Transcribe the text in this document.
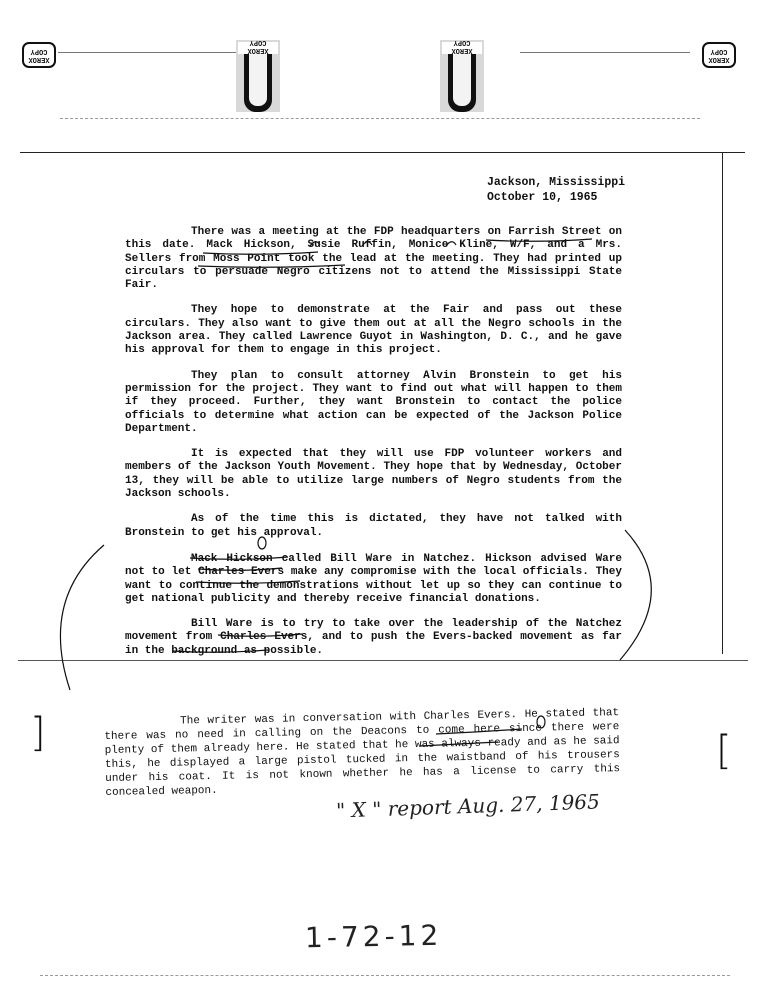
XEROX COPY
XEROX COPY
XEROX COPY
XEROX COPY
Jackson, Mississippi
October 10, 1965

There was a meeting at the FDP headquarters on Farrish Street on this date. Mack Hickson, Susie Ruffin, Monice Kline, W/F, and a Mrs. Sellers from Moss Point took the lead at the meeting. They had printed up circulars to persuade Negro citizens not to attend the Mississippi State Fair.

They hope to demonstrate at the Fair and pass out these circulars. They also want to give them out at all the Negro schools in the Jackson area. They called Lawrence Guyot in Washington, D. C., and he gave his approval for them to engage in this project.

They plan to consult attorney Alvin Bronstein to get his permission for the project. They want to find out what will happen to them if they proceed. Further, they want Bronstein to contact the police officials to determine what action can be expected of the Jackson Police Department.

It is expected that they will use FDP volunteer workers and members of the Jackson Youth Movement. They hope that by Wednesday, October 13, they will be able to utilize large numbers of Negro students from the Jackson schools.

As of the time this is dictated, they have not talked with Bronstein to get his approval.

Mack Hickson called Bill Ware in Natchez. Hickson advised Ware not to let Charles Evers make any compromise with the local officials. They want to continue the demonstrations without let up so they can continue to get national publicity and thereby receive financial donations.

Bill Ware is to try to take over the leadership of the Natchez movement from Charles Evers, and to push the Evers-backed movement as far in the background as possible.

The writer was in conversation with Charles Evers. He stated that there was no need in calling on the Deacons to come here since there were plenty of them already here. He stated that he was always ready and as he said this, he displayed a large pistol tucked in the waistband of his trousers under his coat. It is not known whether he has a license to carry this concealed weapon.	" X " report Aug. 27, 1965
1-72-12
]	[
